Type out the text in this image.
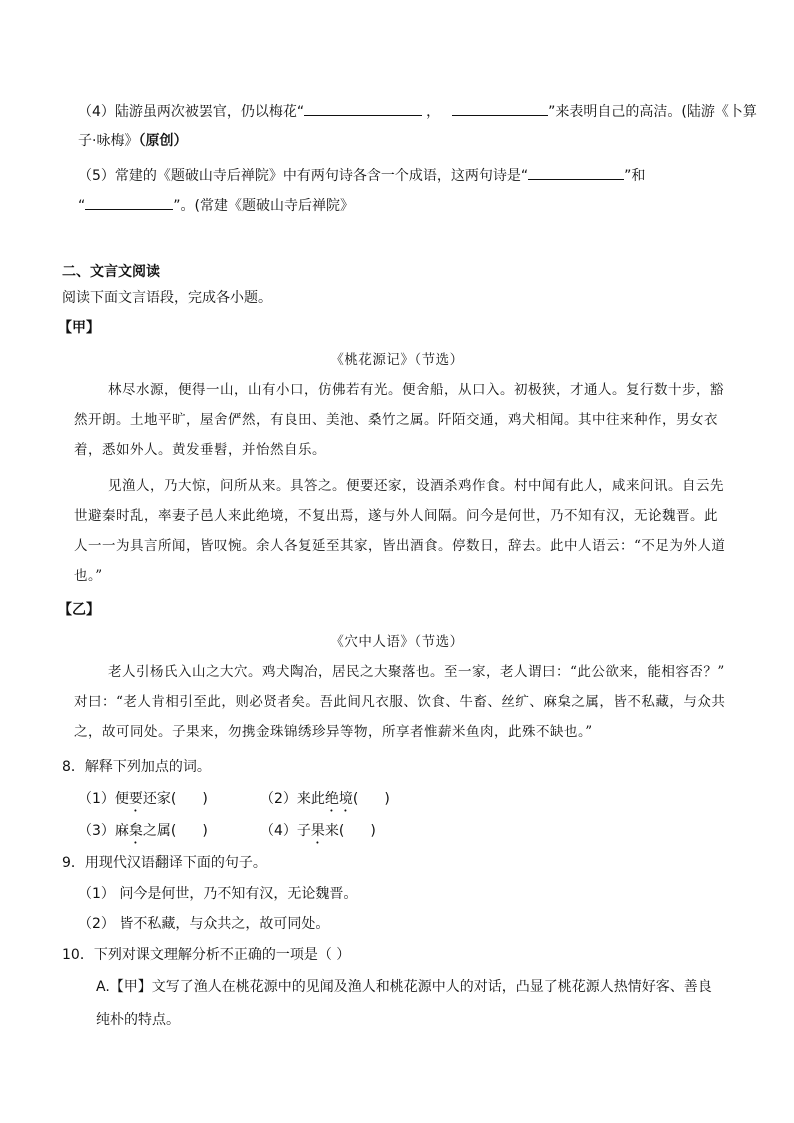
（4）陆游虽两次被罢官，仍以梅花“	，	”来表明自己的高洁。(陆游《卜算
子·咏梅》（原创）
（5）常建的《题破山寺后禅院》中有两句诗各含一个成语，这两句诗是“	”和
“	”。(常建《题破山寺后禅院》
二、文言文阅读
阅读下面文言语段，完成各小题。
【甲】
《桃花源记》（节选）
林尽水源，便得一山，山有小口，仿佛若有光。便舍船，从口入。初极狭，才通人。复行数十步，豁
然开朗。土地平旷，屋舍俨然，有良田、美池、桑竹之属。阡陌交通，鸡犬相闻。其中往来种作，男女衣
着，悉如外人。黄发垂髫，并怡然自乐。
见渔人，乃大惊，问所从来。具答之。便要还家，设酒杀鸡作食。村中闻有此人，咸来问讯。自云先
世避秦时乱，率妻子邑人来此绝境，不复出焉，遂与外人间隔。问今是何世，乃不知有汉，无论魏晋。此
人一一为具言所闻，皆叹惋。余人各复延至其家，皆出酒食。停数日，辞去。此中人语云：“不足为外人道
也。”
【乙】
《穴中人语》（节选）
老人引杨氏入山之大穴。鸡犬陶冶，居民之大聚落也。至一家，老人谓曰：“此公欲来，能相容否？”
对曰：“老人肯相引至此，则必贤者矣。吾此间凡衣服、饮食、牛畜、丝纩、麻枲之属，皆不私藏，与众共
之，故可同处。子果来，勿携金珠锦绣珍异等物，所享者惟薪米鱼肉，此殊不缺也。”
8．解释下列加点的词。
（1）便要还家( )	（2）来此绝境( )
（3）麻枲之属( )	（4）子果来( )
9．用现代汉语翻译下面的句子。
（1） 问今是何世，乃不知有汉，无论魏晋。
（2） 皆不私藏，与众共之，故可同处。
10．下列对课文理解分析不正确的一项是（ ）
A.【甲】文写了渔人在桃花源中的见闻及渔人和桃花源中人的对话，凸显了桃花源人热情好客、善良
纯朴的特点。
